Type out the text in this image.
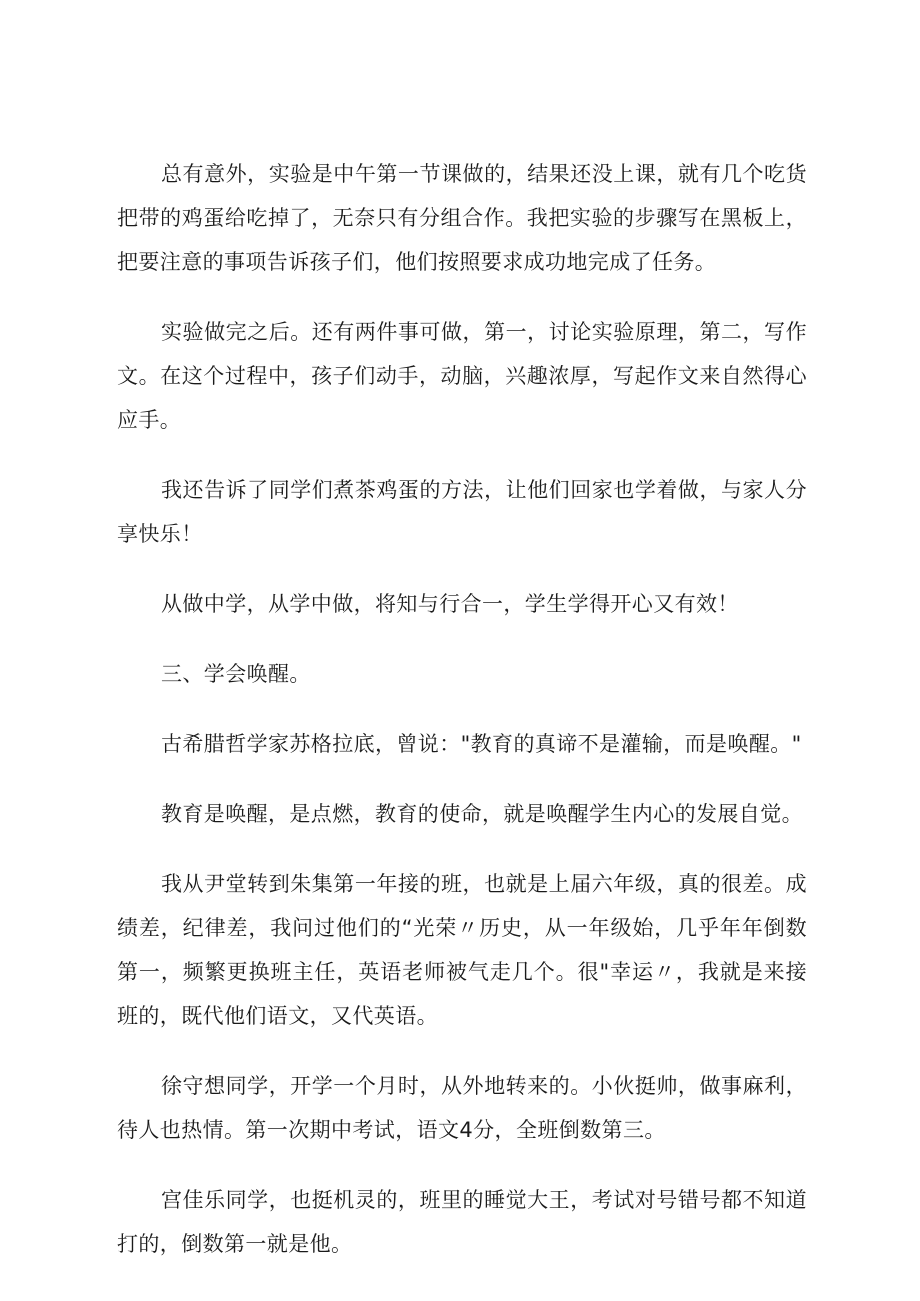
总有意外，实验是中午第一节课做的，结果还没上课，就有几个吃货把带的鸡蛋给吃掉了，无奈只有分组合作。我把实验的步骤写在黑板上，把要注意的事项告诉孩子们，他们按照要求成功地完成了任务。

实验做完之后。还有两件事可做，第一，讨论实验原理，第二，写作文。在这个过程中，孩子们动手，动脑，兴趣浓厚，写起作文来自然得心应手。

我还告诉了同学们煮茶鸡蛋的方法，让他们回家也学着做，与家人分享快乐！

从做中学，从学中做，将知与行合一，学生学得开心又有效！

三、学会唤醒。

古希腊哲学家苏格拉底，曾说："教育的真谛不是灌输，而是唤醒。"

教育是唤醒，是点燃，教育的使命，就是唤醒学生内心的发展自觉。

我从尹堂转到朱集第一年接的班，也就是上届六年级，真的很差。成绩差，纪律差，我问过他们的“光荣〃历史，从一年级始，几乎年年倒数第一，频繁更换班主任，英语老师被气走几个。很"幸运〃，我就是来接班的，既代他们语文，又代英语。

徐守想同学，开学一个月时，从外地转来的。小伙挺帅，做事麻利，待人也热情。第一次期中考试，语文4分，全班倒数第三。

宫佳乐同学，也挺机灵的，班里的睡觉大王，考试对号错号都不知道打的，倒数第一就是他。
